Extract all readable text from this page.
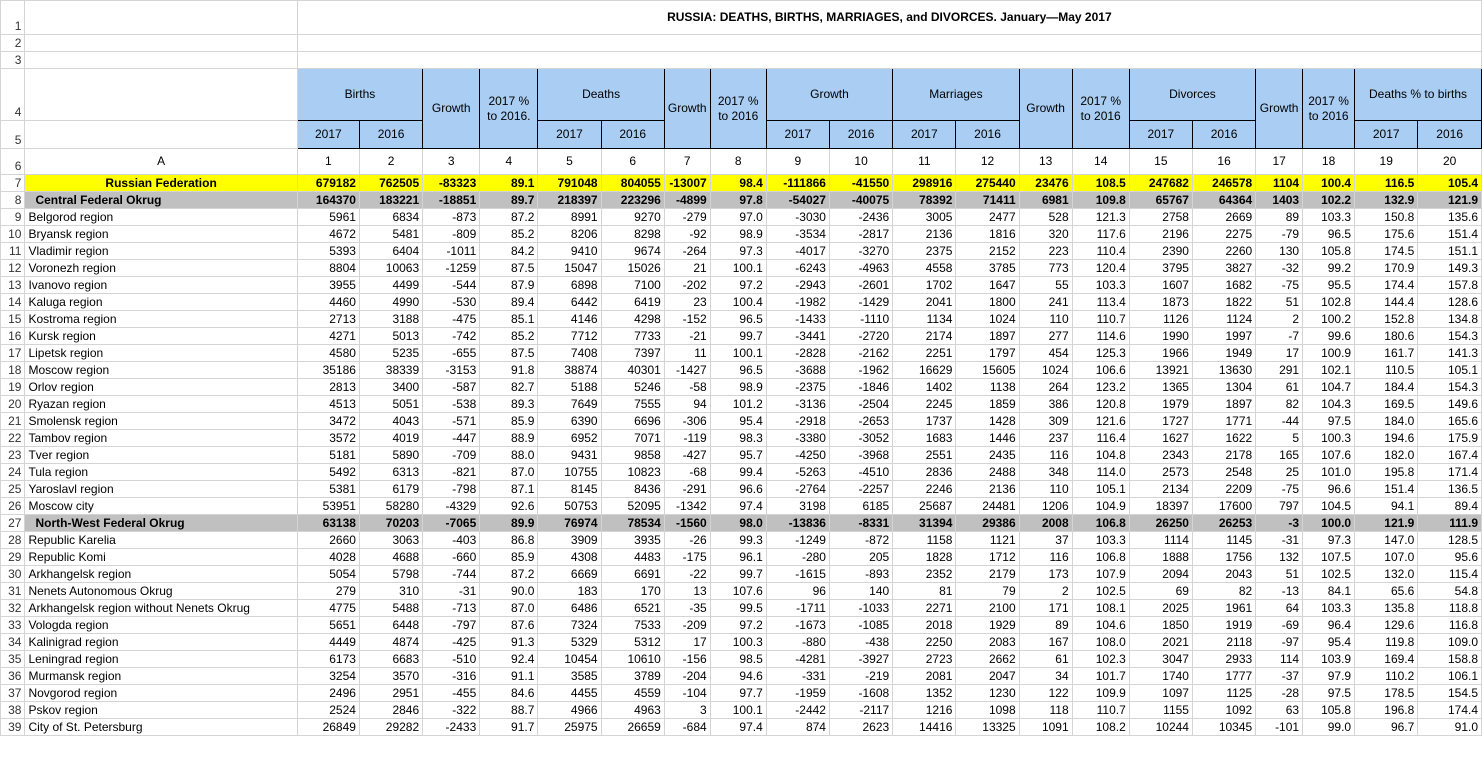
1		RUSSIA: DEATHS, BIRTHS, MARRIAGES, and DIVORCES. January—May 2017																			
2																					
3																					
4		Births		Growth	2017 % to 2016.	Deaths		Growth	2017 % to 2016	Growth		Marriages		Growth	2017 % to 2016	Divorces		Growth	2017 % to 2016	Deaths % to births	
5		2017	2016			2017	2016			2017	2016	2017	2016			2017	2016			2017	2016
6	A	1	2	3	4	5	6	7	8	9	10	11	12	13	14	15	16	17	18	19	20
7	Russian Federation	679182	762505	-83323	89.1	791048	804055	-13007	98.4	-111866	-41550	298916	275440	23476	108.5	247682	246578	1104	100.4	116.5	105.4
8	Central Federal Okrug	164370	183221	-18851	89.7	218397	223296	-4899	97.8	-54027	-40075	78392	71411	6981	109.8	65767	64364	1403	102.2	132.9	121.9
9	Belgorod region	5961	6834	-873	87.2	8991	9270	-279	97.0	-3030	-2436	3005	2477	528	121.3	2758	2669	89	103.3	150.8	135.6
10	Bryansk region	4672	5481	-809	85.2	8206	8298	-92	98.9	-3534	-2817	2136	1816	320	117.6	2196	2275	-79	96.5	175.6	151.4
11	Vladimir region	5393	6404	-1011	84.2	9410	9674	-264	97.3	-4017	-3270	2375	2152	223	110.4	2390	2260	130	105.8	174.5	151.1
12	Voronezh region	8804	10063	-1259	87.5	15047	15026	21	100.1	-6243	-4963	4558	3785	773	120.4	3795	3827	-32	99.2	170.9	149.3
13	Ivanovo region	3955	4499	-544	87.9	6898	7100	-202	97.2	-2943	-2601	1702	1647	55	103.3	1607	1682	-75	95.5	174.4	157.8
14	Kaluga region	4460	4990	-530	89.4	6442	6419	23	100.4	-1982	-1429	2041	1800	241	113.4	1873	1822	51	102.8	144.4	128.6
15	Kostroma region	2713	3188	-475	85.1	4146	4298	-152	96.5	-1433	-1110	1134	1024	110	110.7	1126	1124	2	100.2	152.8	134.8
16	Kursk region	4271	5013	-742	85.2	7712	7733	-21	99.7	-3441	-2720	2174	1897	277	114.6	1990	1997	-7	99.6	180.6	154.3
17	Lipetsk region	4580	5235	-655	87.5	7408	7397	11	100.1	-2828	-2162	2251	1797	454	125.3	1966	1949	17	100.9	161.7	141.3
18	Moscow region	35186	38339	-3153	91.8	38874	40301	-1427	96.5	-3688	-1962	16629	15605	1024	106.6	13921	13630	291	102.1	110.5	105.1
19	Orlov region	2813	3400	-587	82.7	5188	5246	-58	98.9	-2375	-1846	1402	1138	264	123.2	1365	1304	61	104.7	184.4	154.3
20	Ryazan region	4513	5051	-538	89.3	7649	7555	94	101.2	-3136	-2504	2245	1859	386	120.8	1979	1897	82	104.3	169.5	149.6
21	Smolensk region	3472	4043	-571	85.9	6390	6696	-306	95.4	-2918	-2653	1737	1428	309	121.6	1727	1771	-44	97.5	184.0	165.6
22	Tambov region	3572	4019	-447	88.9	6952	7071	-119	98.3	-3380	-3052	1683	1446	237	116.4	1627	1622	5	100.3	194.6	175.9
23	Tver region	5181	5890	-709	88.0	9431	9858	-427	95.7	-4250	-3968	2551	2435	116	104.8	2343	2178	165	107.6	182.0	167.4
24	Tula region	5492	6313	-821	87.0	10755	10823	-68	99.4	-5263	-4510	2836	2488	348	114.0	2573	2548	25	101.0	195.8	171.4
25	Yaroslavl region	5381	6179	-798	87.1	8145	8436	-291	96.6	-2764	-2257	2246	2136	110	105.1	2134	2209	-75	96.6	151.4	136.5
26	Moscow city	53951	58280	-4329	92.6	50753	52095	-1342	97.4	3198	6185	25687	24481	1206	104.9	18397	17600	797	104.5	94.1	89.4
27	North-West Federal Okrug	63138	70203	-7065	89.9	76974	78534	-1560	98.0	-13836	-8331	31394	29386	2008	106.8	26250	26253	-3	100.0	121.9	111.9
28	Republic Karelia	2660	3063	-403	86.8	3909	3935	-26	99.3	-1249	-872	1158	1121	37	103.3	1114	1145	-31	97.3	147.0	128.5
29	Republic Komi	4028	4688	-660	85.9	4308	4483	-175	96.1	-280	205	1828	1712	116	106.8	1888	1756	132	107.5	107.0	95.6
30	Arkhangelsk region	5054	5798	-744	87.2	6669	6691	-22	99.7	-1615	-893	2352	2179	173	107.9	2094	2043	51	102.5	132.0	115.4
31	Nenets Autonomous Okrug	279	310	-31	90.0	183	170	13	107.6	96	140	81	79	2	102.5	69	82	-13	84.1	65.6	54.8
32	Arkhangelsk region without Nenets Okrug	4775	5488	-713	87.0	6486	6521	-35	99.5	-1711	-1033	2271	2100	171	108.1	2025	1961	64	103.3	135.8	118.8
33	Vologda region	5651	6448	-797	87.6	7324	7533	-209	97.2	-1673	-1085	2018	1929	89	104.6	1850	1919	-69	96.4	129.6	116.8
34	Kalinigrad region	4449	4874	-425	91.3	5329	5312	17	100.3	-880	-438	2250	2083	167	108.0	2021	2118	-97	95.4	119.8	109.0
35	Leningrad region	6173	6683	-510	92.4	10454	10610	-156	98.5	-4281	-3927	2723	2662	61	102.3	3047	2933	114	103.9	169.4	158.8
36	Murmansk region	3254	3570	-316	91.1	3585	3789	-204	94.6	-331	-219	2081	2047	34	101.7	1740	1777	-37	97.9	110.2	106.1
37	Novgorod region	2496	2951	-455	84.6	4455	4559	-104	97.7	-1959	-1608	1352	1230	122	109.9	1097	1125	-28	97.5	178.5	154.5
38	Pskov region	2524	2846	-322	88.7	4966	4963	3	100.1	-2442	-2117	1216	1098	118	110.7	1155	1092	63	105.8	196.8	174.4
39	City of St. Petersburg	26849	29282	-2433	91.7	25975	26659	-684	97.4	874	2623	14416	13325	1091	108.2	10244	10345	-101	99.0	96.7	91.0
